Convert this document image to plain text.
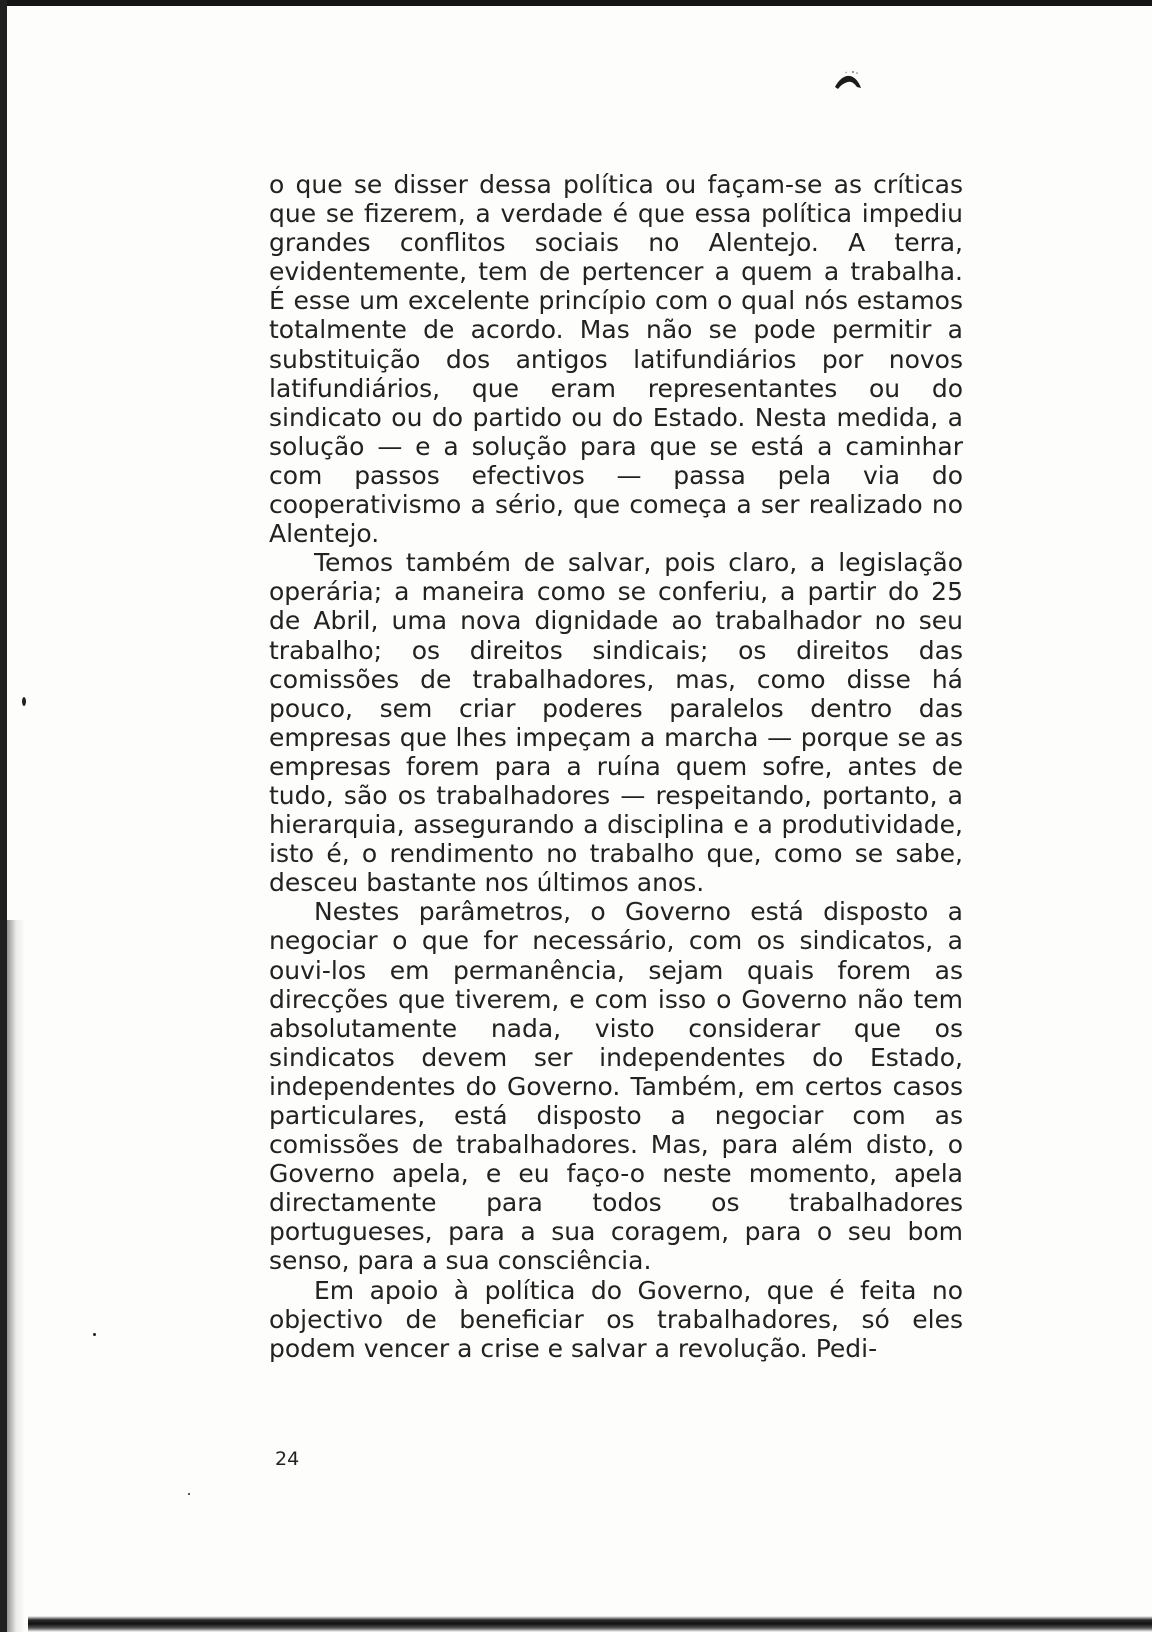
o que se disser dessa política ou façam-se as críticas que se fizerem, a verdade é que essa política impediu grandes conflitos sociais no Alentejo. A terra, evidentemente, tem de pertencer a quem a trabalha. É esse um excelente princípio com o qual nós estamos totalmente de acordo. Mas não se pode permitir a substituição dos antigos latifundiários por novos latifundiários, que eram representantes ou do sindicato ou do partido ou do Estado. Nesta medida, a solução — e a solução para que se está a caminhar com passos efectivos — passa pela via do cooperativismo a sério, que começa a ser realizado no Alentejo.

Temos também de salvar, pois claro, a legislação operária; a maneira como se conferiu, a partir do 25 de Abril, uma nova dignidade ao trabalhador no seu trabalho; os direitos sindicais; os direitos das comissões de trabalhadores, mas, como disse há pouco, sem criar poderes paralelos dentro das empresas que lhes impeçam a marcha — porque se as empresas forem para a ruína quem sofre, antes de tudo, são os trabalhadores — respeitando, portanto, a hierarquia, assegurando a disciplina e a produtividade, isto é, o rendimento no trabalho que, como se sabe, desceu bastante nos últimos anos.

Nestes parâmetros, o Governo está disposto a negociar o que for necessário, com os sindicatos, a ouvi-los em permanência, sejam quais forem as direcções que tiverem, e com isso o Governo não tem absolutamente nada, visto considerar que os sindicatos devem ser independentes do Estado, independentes do Governo. Também, em certos casos particulares, está disposto a negociar com as comissões de trabalhadores. Mas, para além disto, o Governo apela, e eu faço-o neste momento, apela directamente para todos os trabalhadores portugueses, para a sua coragem, para o seu bom senso, para a sua consciência.

Em apoio à política do Governo, que é feita no objectivo de beneficiar os trabalhadores, só eles podem vencer a crise e salvar a revolução. Pedi-

24
